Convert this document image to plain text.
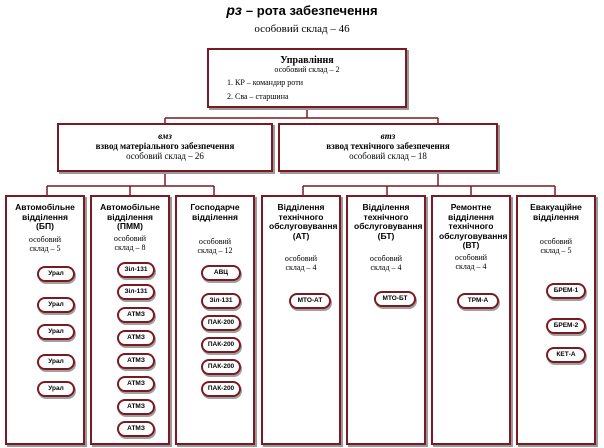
рз – рота забезпечення
особовий склад – 46
Управління
особовий склад – 2
1. КР – командир роти
2. Сва – старшина
вмз
взвод матеріального забезпечення
особовий склад – 26
втз
взвод технічного забезпечення
особовий склад – 18
Автомобільне відділення (БП)
особовий склад – 5
Урал
Урал
Урал
Урал
Урал
Автомобільне відділення (ПММ)
особовий склад – 8
Зіл-131
Зіл-131
АТМЗ
АТМЗ
АТМЗ
АТМЗ
АТМЗ
АТМЗ
Господарче відділення
особовий склад – 12
АВЦ
Зіл-131
ПАК-200
ПАК-200
ПАК-200
ПАК-200
Відділення технічного обслуговування (АТ)
особовий склад – 4
МТО-АТ
Відділення технічного обслуговування (БТ)
особовий склад – 4
МТО-БТ
Ремонтне відділення технічного обслуговування (ВТ)
особовий склад – 4
ТРМ-А
Евакуаційне відділення
особовий склад – 5
БРЕМ-1
БРЕМ-2
КЕТ-А
